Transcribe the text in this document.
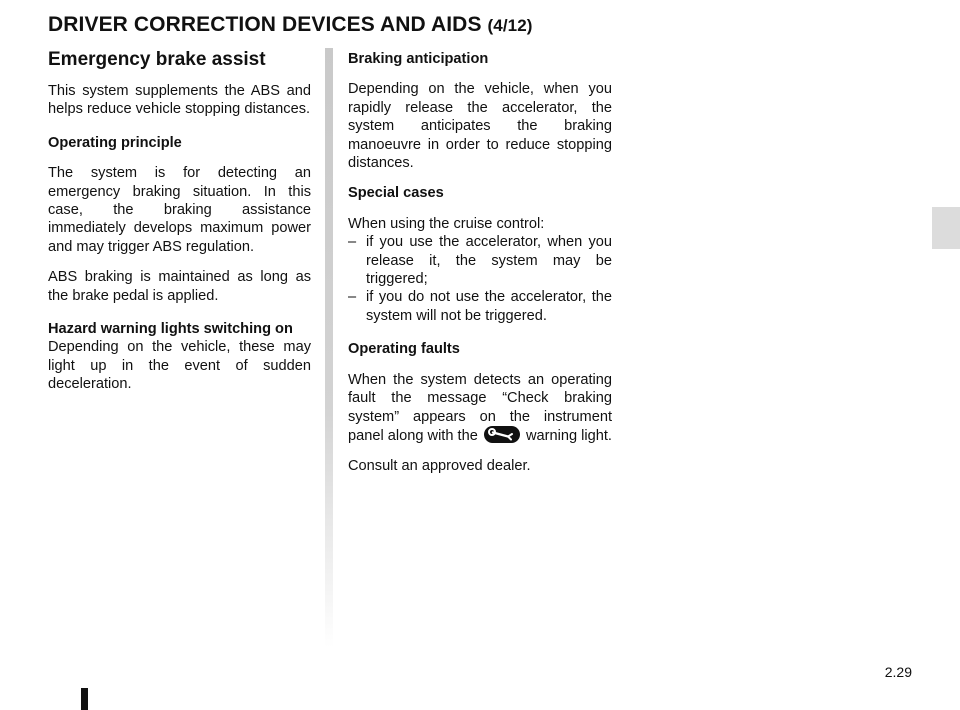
DRIVER CORRECTION DEVICES AND AIDS (4/12)
Emergency brake assist

This system supplements the ABS and helps reduce vehicle stopping distances.

Operating principle

The system is for detecting an emergency braking situation. In this case, the braking assistance immediately develops maximum power and may trigger ABS regulation.

ABS braking is maintained as long as the brake pedal is applied.

Hazard warning lights switching on

Depending on the vehicle, these may light up in the event of sudden deceleration.

Braking anticipation

Depending on the vehicle, when you rapidly release the accelerator, the system anticipates the braking manoeuvre in order to reduce stopping distances.

Special cases

When using the cruise control:

– if you use the accelerator, when you release it, the system may be triggered;
– if you do not use the accelerator, the system will not be triggered.

Operating faults

When the system detects an operating fault the message “Check braking system” appears on the instrument panel along with the	warning light.

Consult an approved dealer.

2.29
